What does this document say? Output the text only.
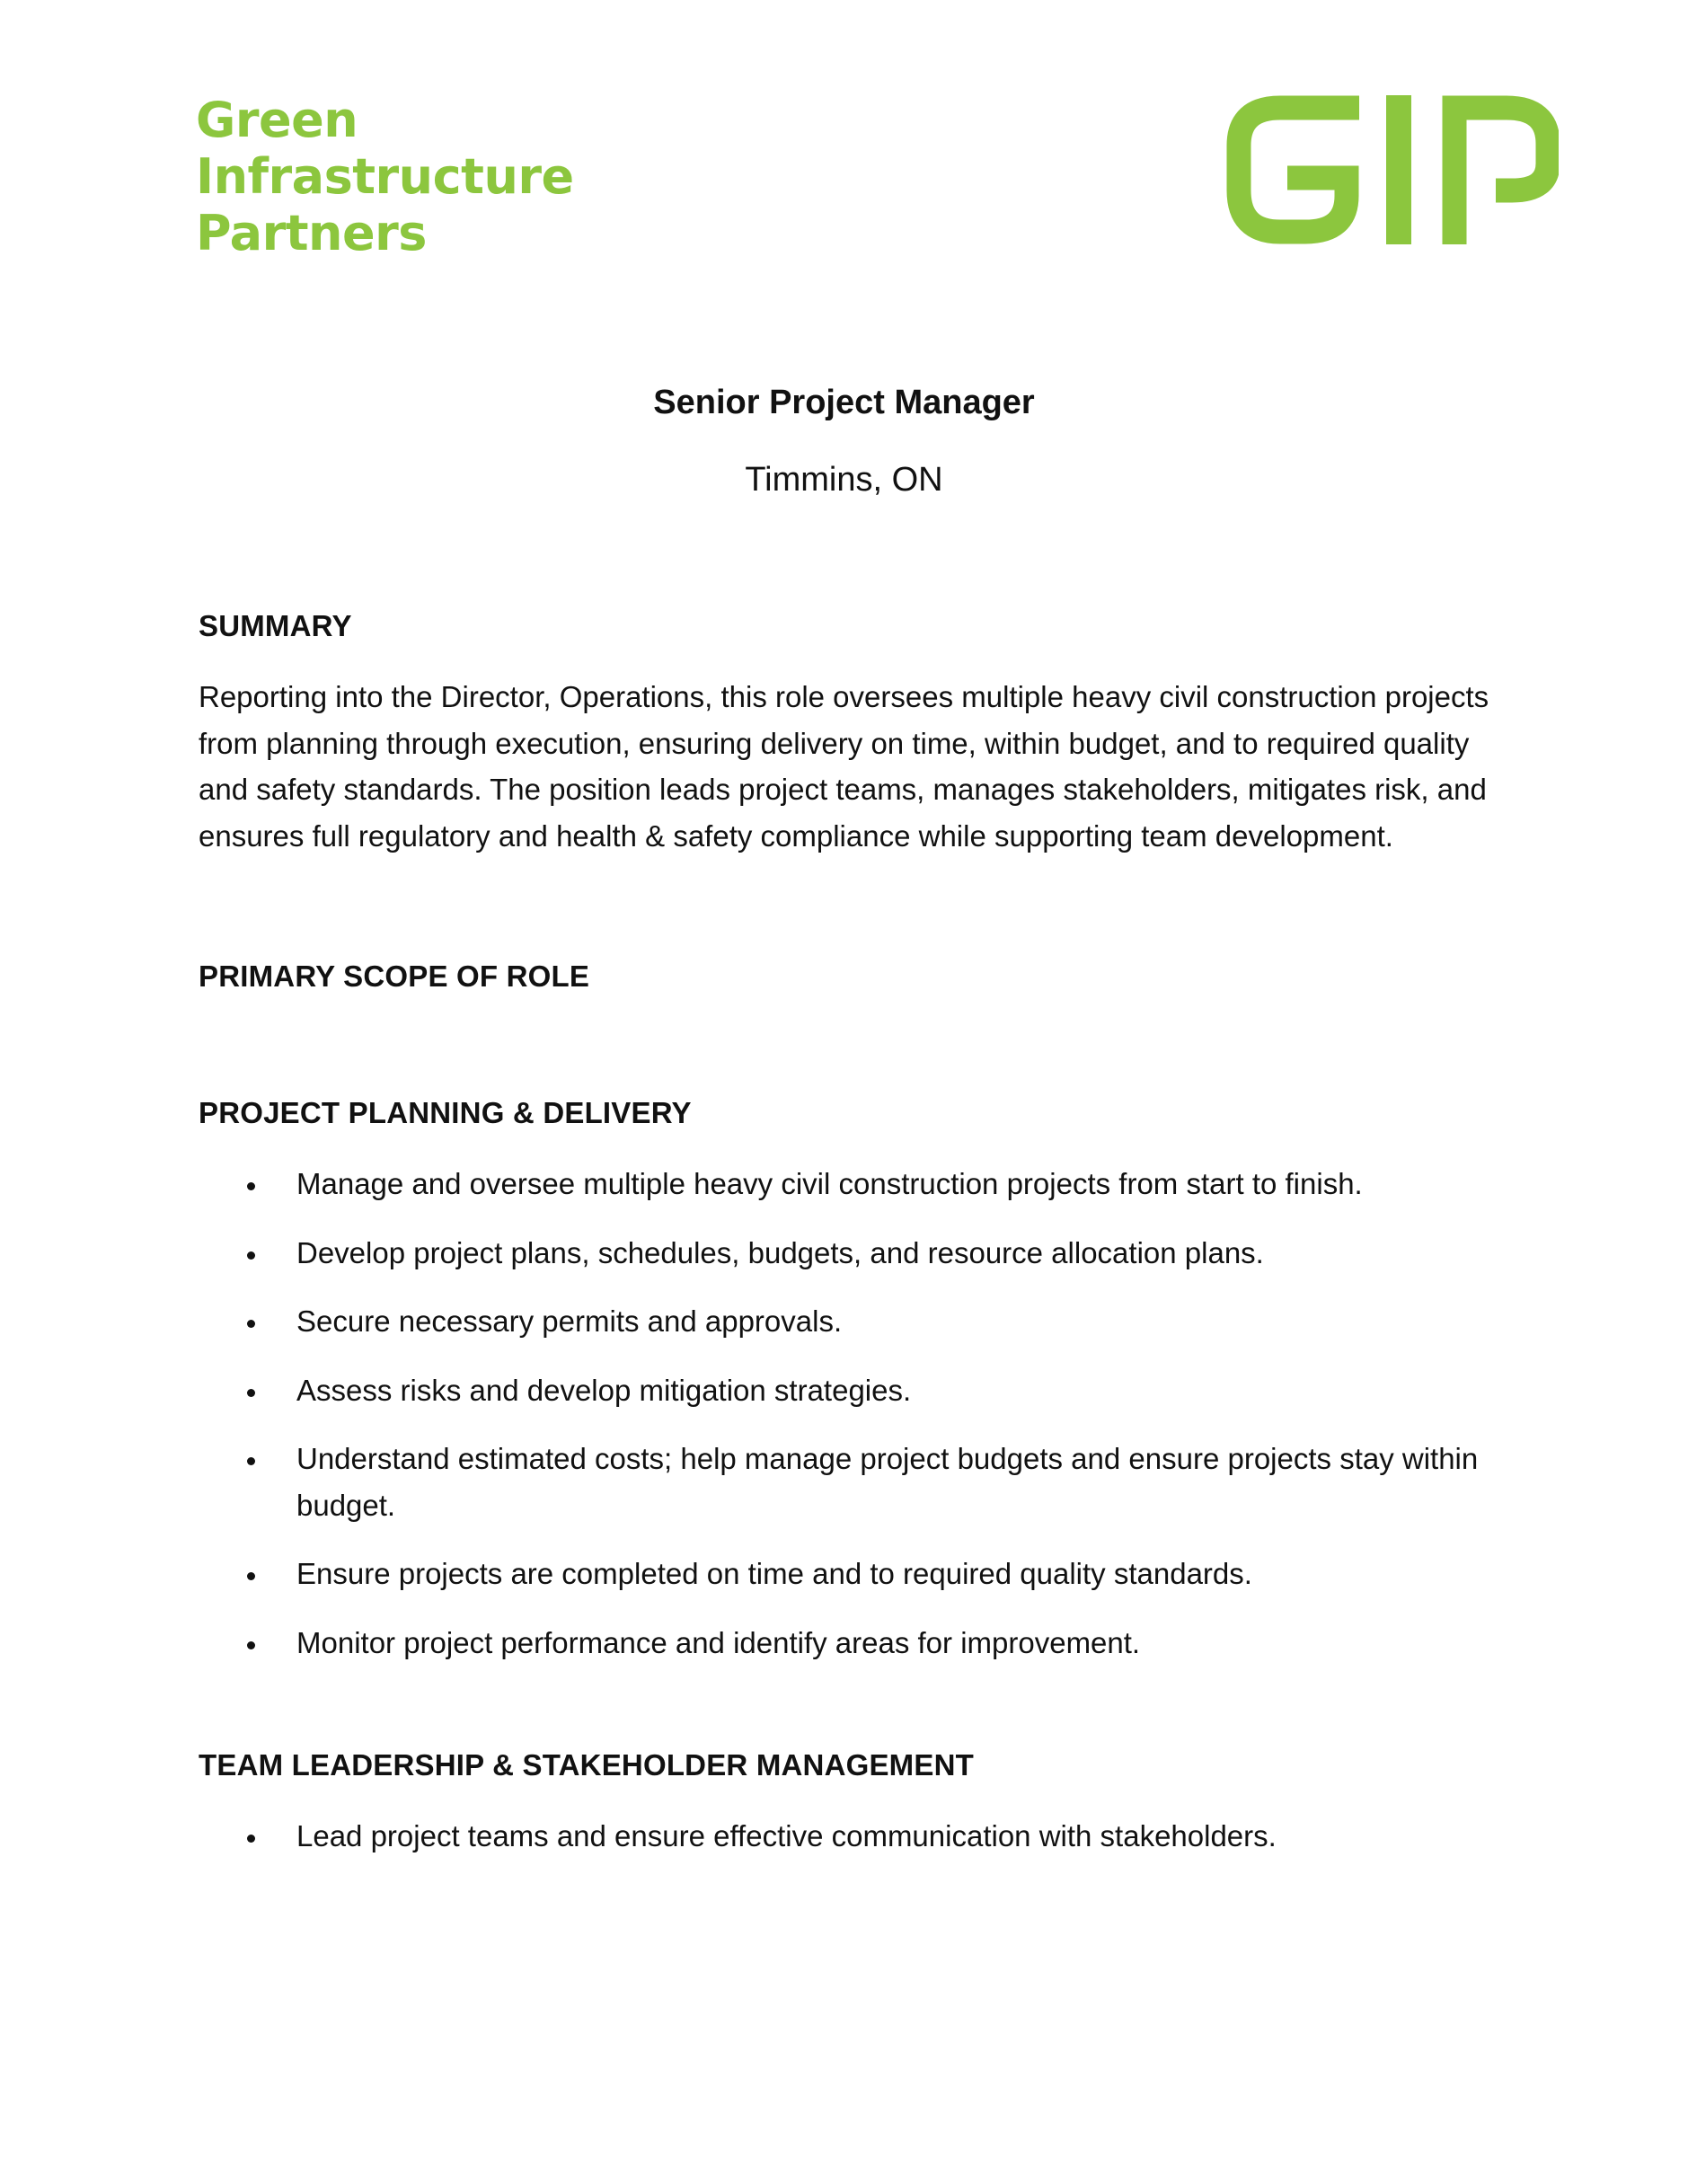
Green
Infrastructure
Partners
Senior Project Manager
Timmins, ON
SUMMARY

Reporting into the Director, Operations, this role oversees multiple heavy civil construction projects from planning through execution, ensuring delivery on time, within budget, and to required quality and safety standards. The position leads project teams, manages stakeholders, mitigates risk, and ensures full regulatory and health & safety compliance while supporting team development.

PRIMARY SCOPE OF ROLE
PROJECT PLANNING & DELIVERY
Manage and oversee multiple heavy civil construction projects from start to finish.
Develop project plans, schedules, budgets, and resource allocation plans.
Secure necessary permits and approvals.
Assess risks and develop mitigation strategies.
Understand estimated costs; help manage project budgets and ensure projects stay within budget.
Ensure projects are completed on time and to required quality standards.
Monitor project performance and identify areas for improvement.
TEAM LEADERSHIP & STAKEHOLDER MANAGEMENT
Lead project teams and ensure effective communication with stakeholders.
